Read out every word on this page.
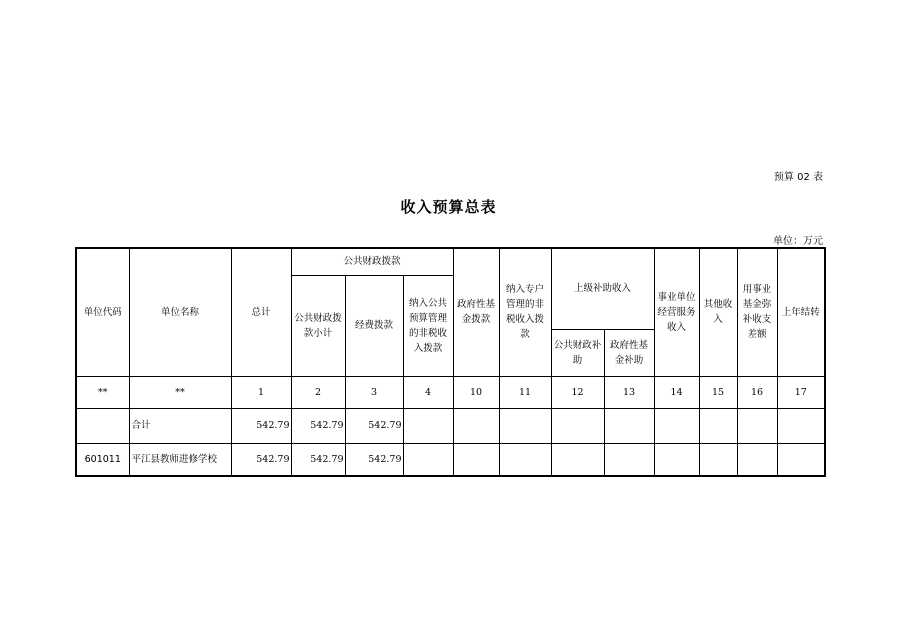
预算 02 表
收入预算总表
单位：万元
单位代码	单位名称	总计	公共财政拨款			政府性基金拨款	纳入专户管理的非税收入拨款	上级补助收入		事业单位经营服务收入	其他收入	用事业基金弥补收支差额	上年结转
			公共财政拨款小计	经费拨款	纳入公共预算管理的非税收入拨款								
								公共财政补助	政府性基金补助				
**	**	1	2	3	4	10	11	12	13	14	15	16	17
	合计	542.79	542.79	542.79									
601011	平江县教师进修学校	542.79	542.79	542.79									
